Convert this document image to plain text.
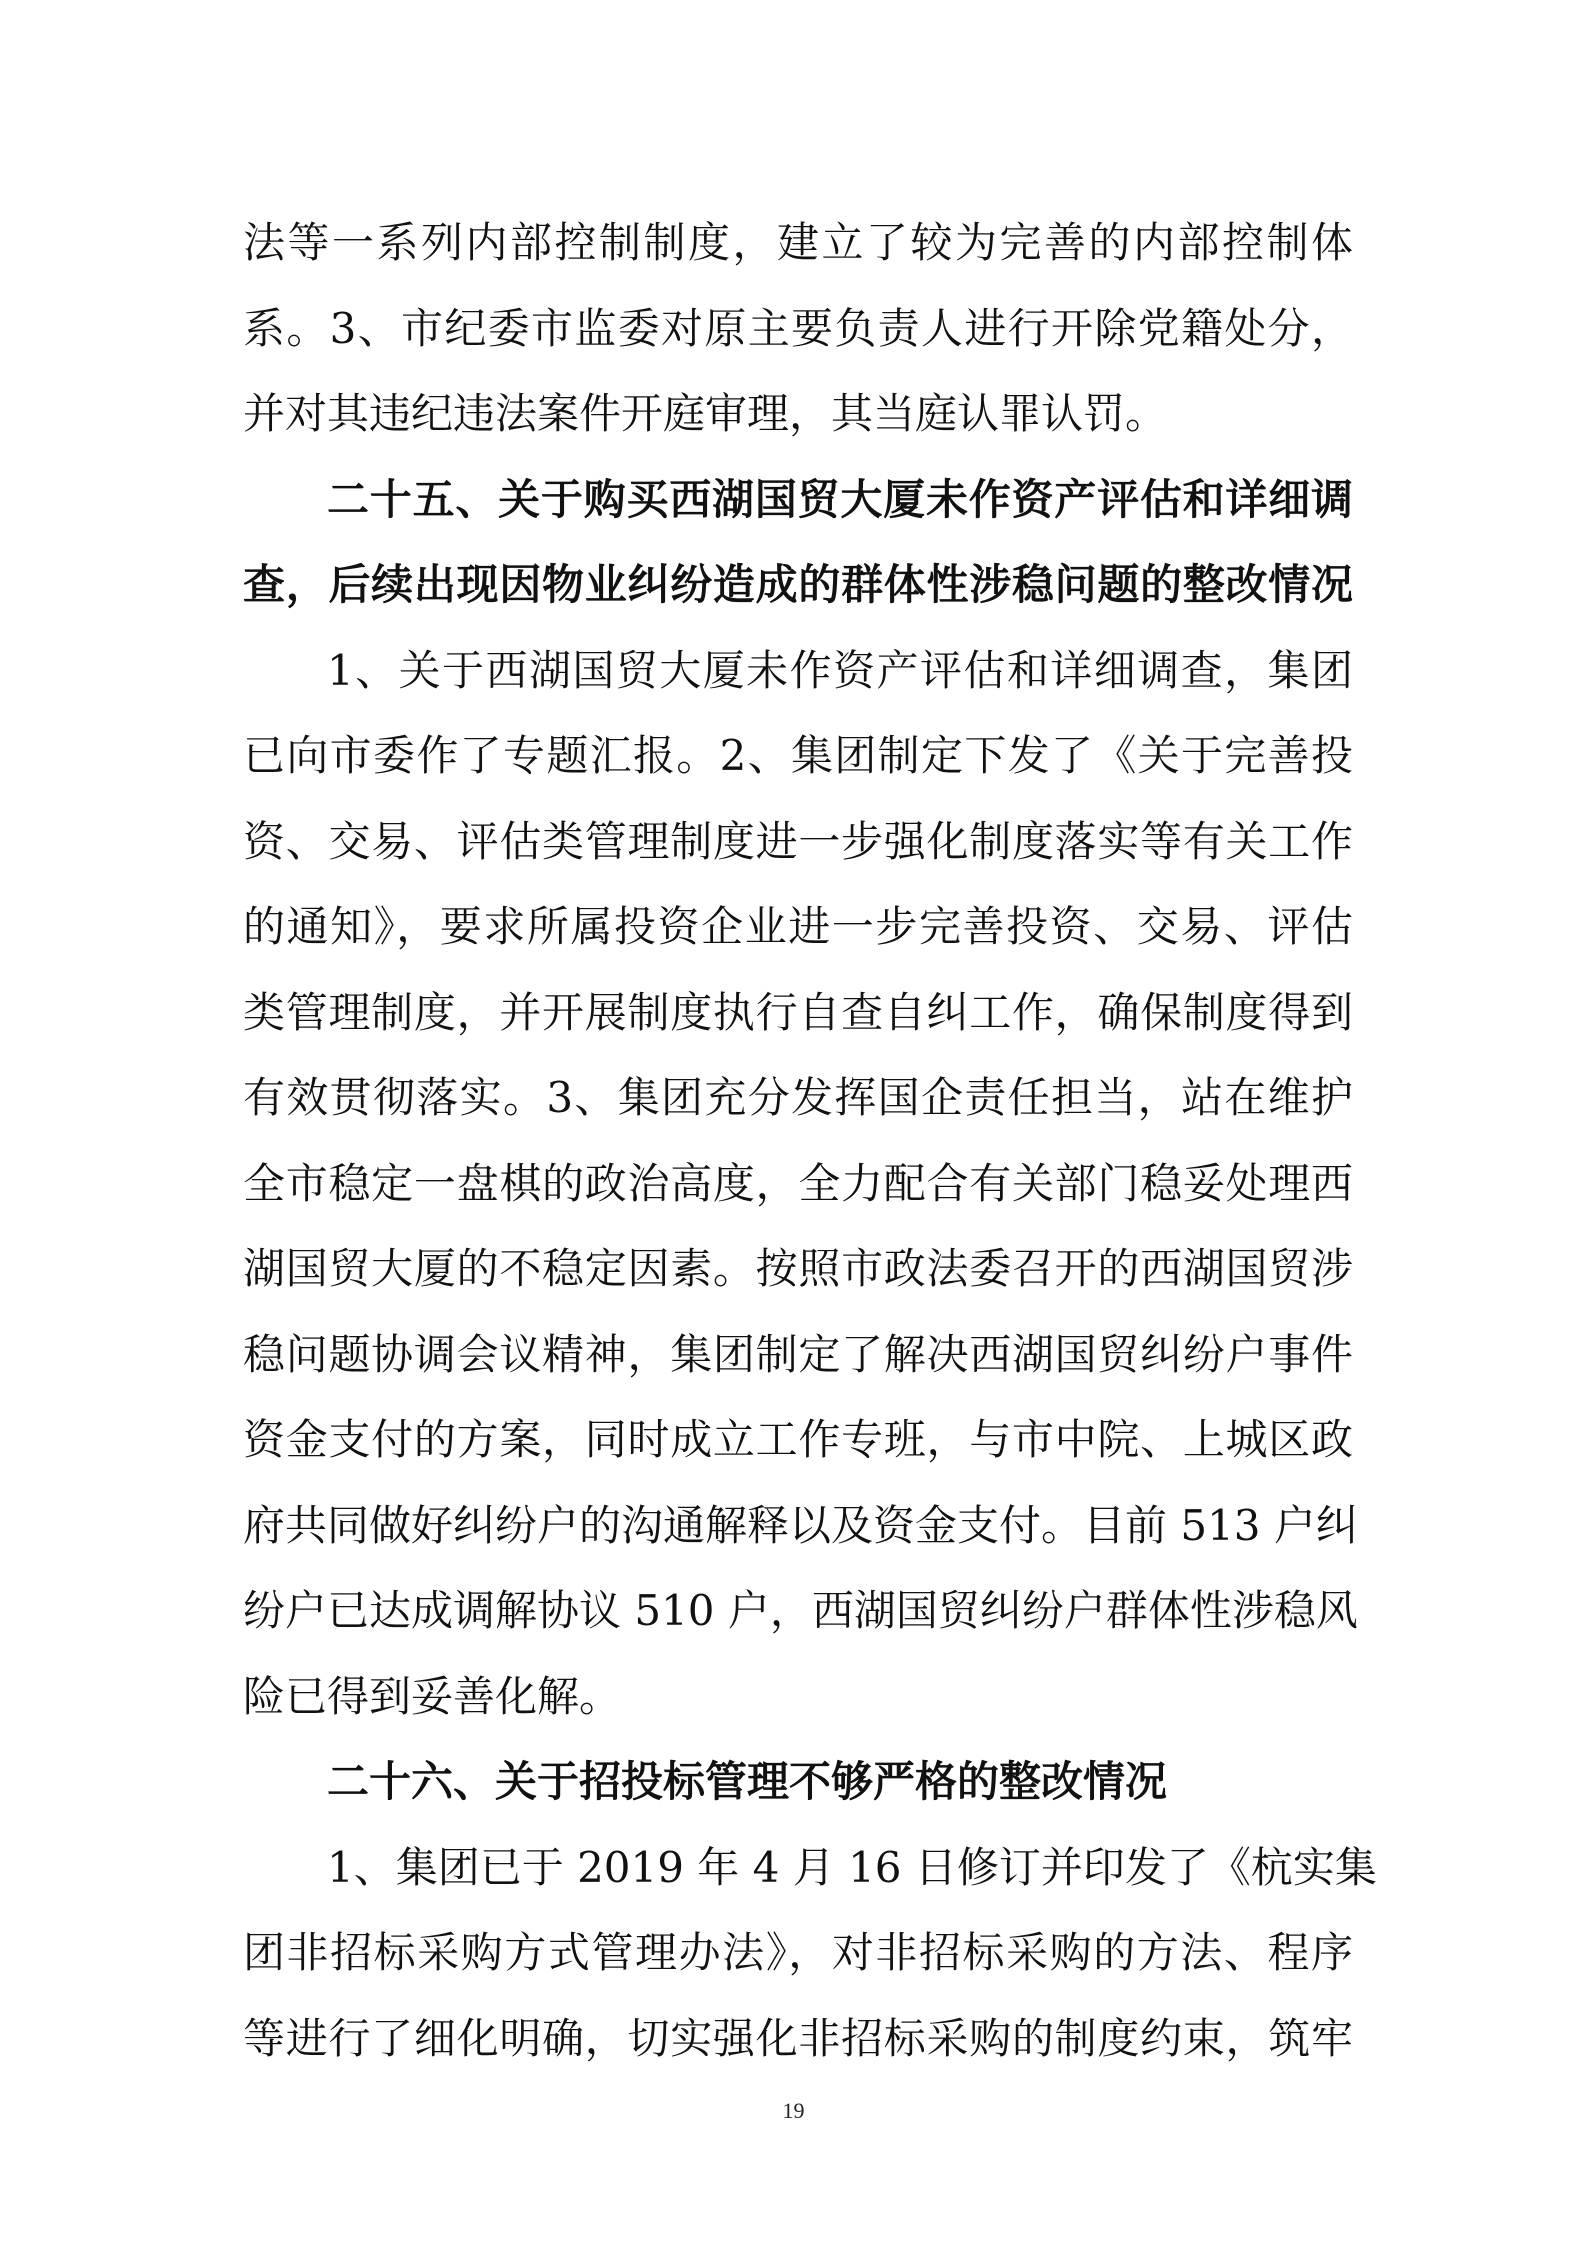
法等一系列内部控制制度，建立了较为完善的内部控制体
系。3、市纪委市监委对原主要负责人进行开除党籍处分，
并对其违纪违法案件开庭审理，其当庭认罪认罚。
二十五、关于购买西湖国贸大厦未作资产评估和详细调
查，后续出现因物业纠纷造成的群体性涉稳问题的整改情况
1、关于西湖国贸大厦未作资产评估和详细调查，集团
已向市委作了专题汇报。2、集团制定下发了《关于完善投
资、交易、评估类管理制度进一步强化制度落实等有关工作
的通知》，要求所属投资企业进一步完善投资、交易、评估
类管理制度，并开展制度执行自查自纠工作，确保制度得到
有效贯彻落实。3、集团充分发挥国企责任担当，站在维护
全市稳定一盘棋的政治高度，全力配合有关部门稳妥处理西
湖国贸大厦的不稳定因素。按照市政法委召开的西湖国贸涉
稳问题协调会议精神，集团制定了解决西湖国贸纠纷户事件
资金支付的方案，同时成立工作专班，与市中院、上城区政
府共同做好纠纷户的沟通解释以及资金支付。目前 513 户纠
纷户已达成调解协议 510 户，西湖国贸纠纷户群体性涉稳风
险已得到妥善化解。
二十六、关于招投标管理不够严格的整改情况
1、集团已于 2019 年 4 月 16 日修订并印发了《杭实集
团非招标采购方式管理办法》，对非招标采购的方法、程序
等进行了细化明确，切实强化非招标采购的制度约束，筑牢
19
